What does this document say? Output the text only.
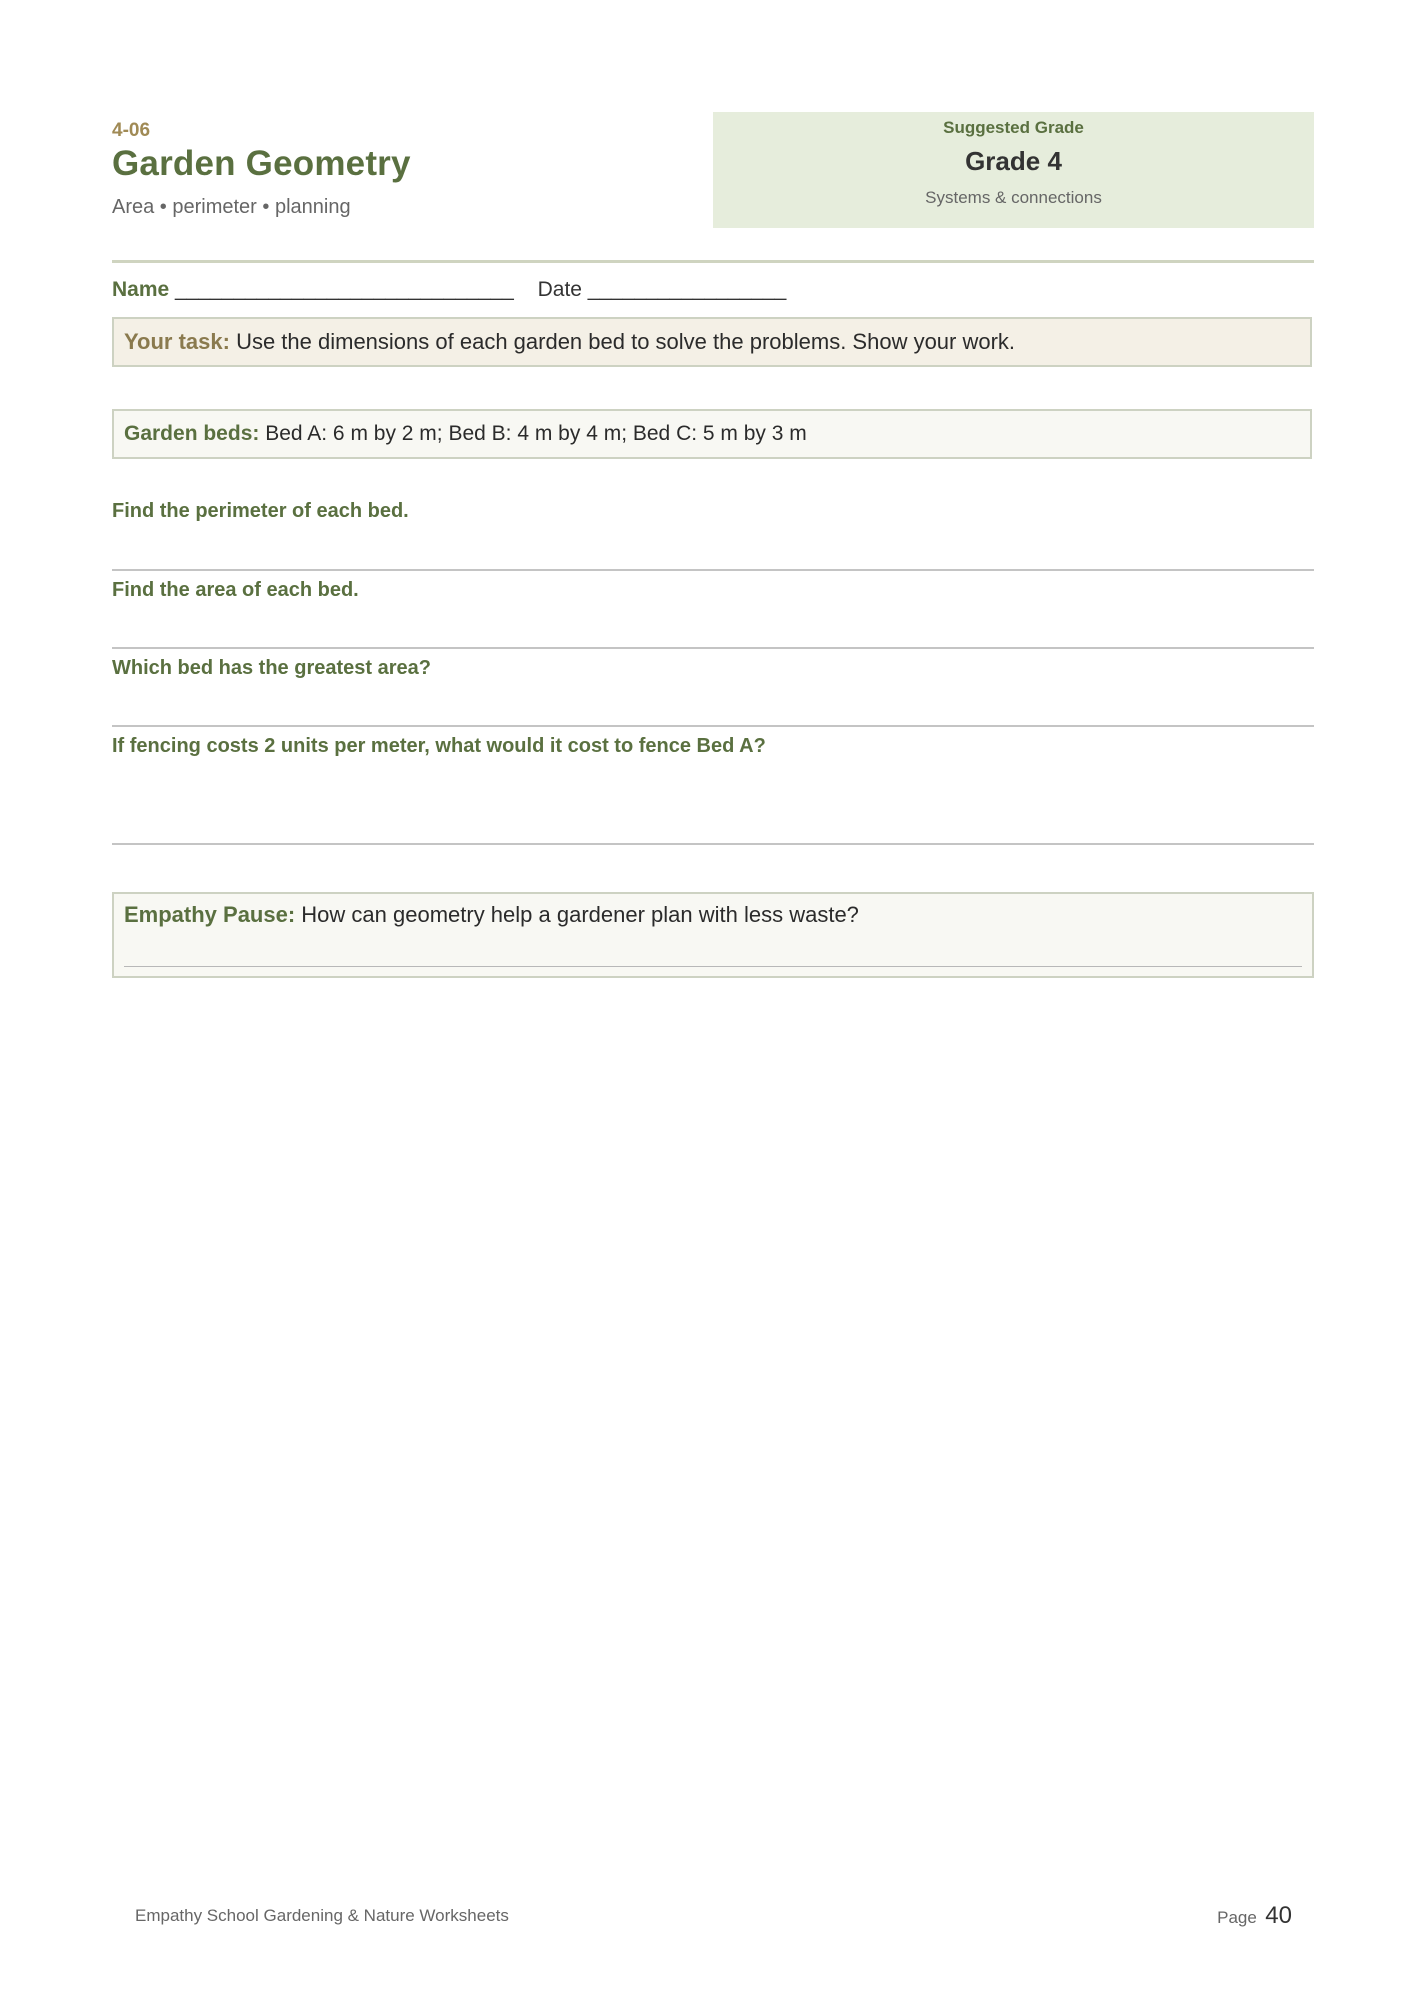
4-06
Garden Geometry
Area • perimeter • planning
Suggested Grade
Grade 4
Systems & connections
Name _____________________________ Date _________________
Your task: Use the dimensions of each garden bed to solve the problems. Show your work.
Garden beds: Bed A: 6 m by 2 m; Bed B: 4 m by 4 m; Bed C: 5 m by 3 m
Find the perimeter of each bed.
Find the area of each bed.
Which bed has the greatest area?
If fencing costs 2 units per meter, what would it cost to fence Bed A?
Empathy Pause: How can geometry help a gardener plan with less waste?
Empathy School Gardening & Nature Worksheets	Page 40
